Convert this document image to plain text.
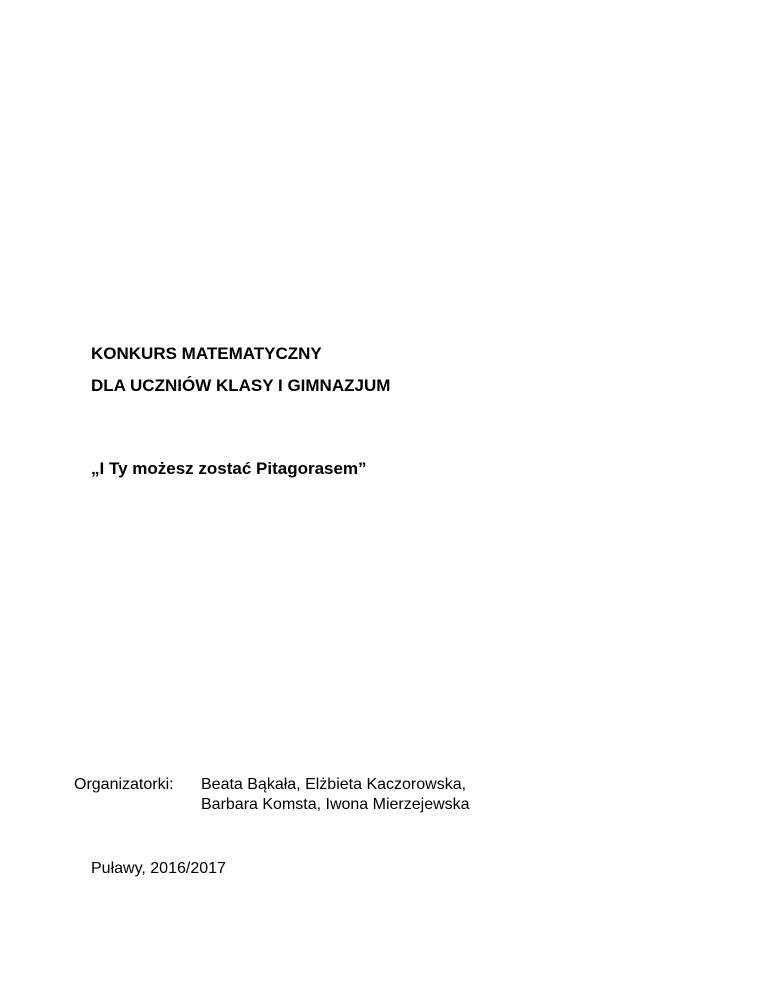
KONKURS MATEMATYCZNY
DLA UCZNIÓW KLASY I GIMNAZJUM
„I Ty możesz zostać Pitagorasem”
Organizatorki: Beata Bąkała, Elżbieta Kaczorowska,
Barbara Komsta, Iwona Mierzejewska
Puławy, 2016/2017
